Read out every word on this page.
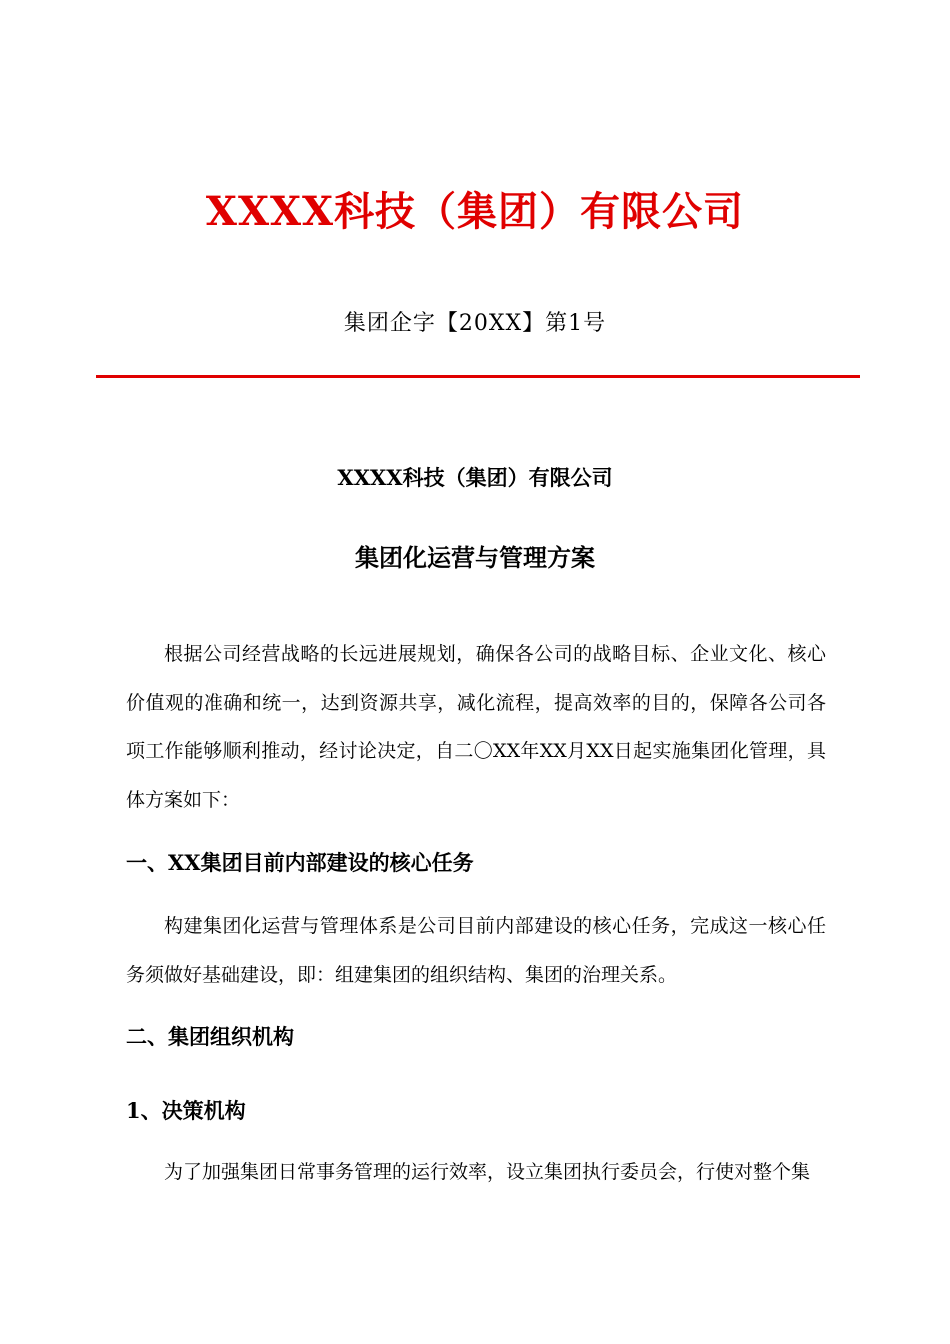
XXXX科技（集团）有限公司
集团企字【20XX】第1号
XXXX科技（集团）有限公司
集团化运营与管理方案
根据公司经营战略的长远进展规划，确保各公司的战略目标、企业文化、核心价值观的准确和统一，达到资源共享，减化流程，提高效率的目的，保障各公司各项工作能够顺利推动，经讨论决定，自二〇XX年XX月XX日起实施集团化管理，具体方案如下：
一、XX集团目前内部建设的核心任务
构建集团化运营与管理体系是公司目前内部建设的核心任务，完成这一核心任务须做好基础建设，即：组建集团的组织结构、集团的治理关系。
二、集团组织机构
1、决策机构
为了加强集团日常事务管理的运行效率，设立集团执行委员会，行使对整个集
